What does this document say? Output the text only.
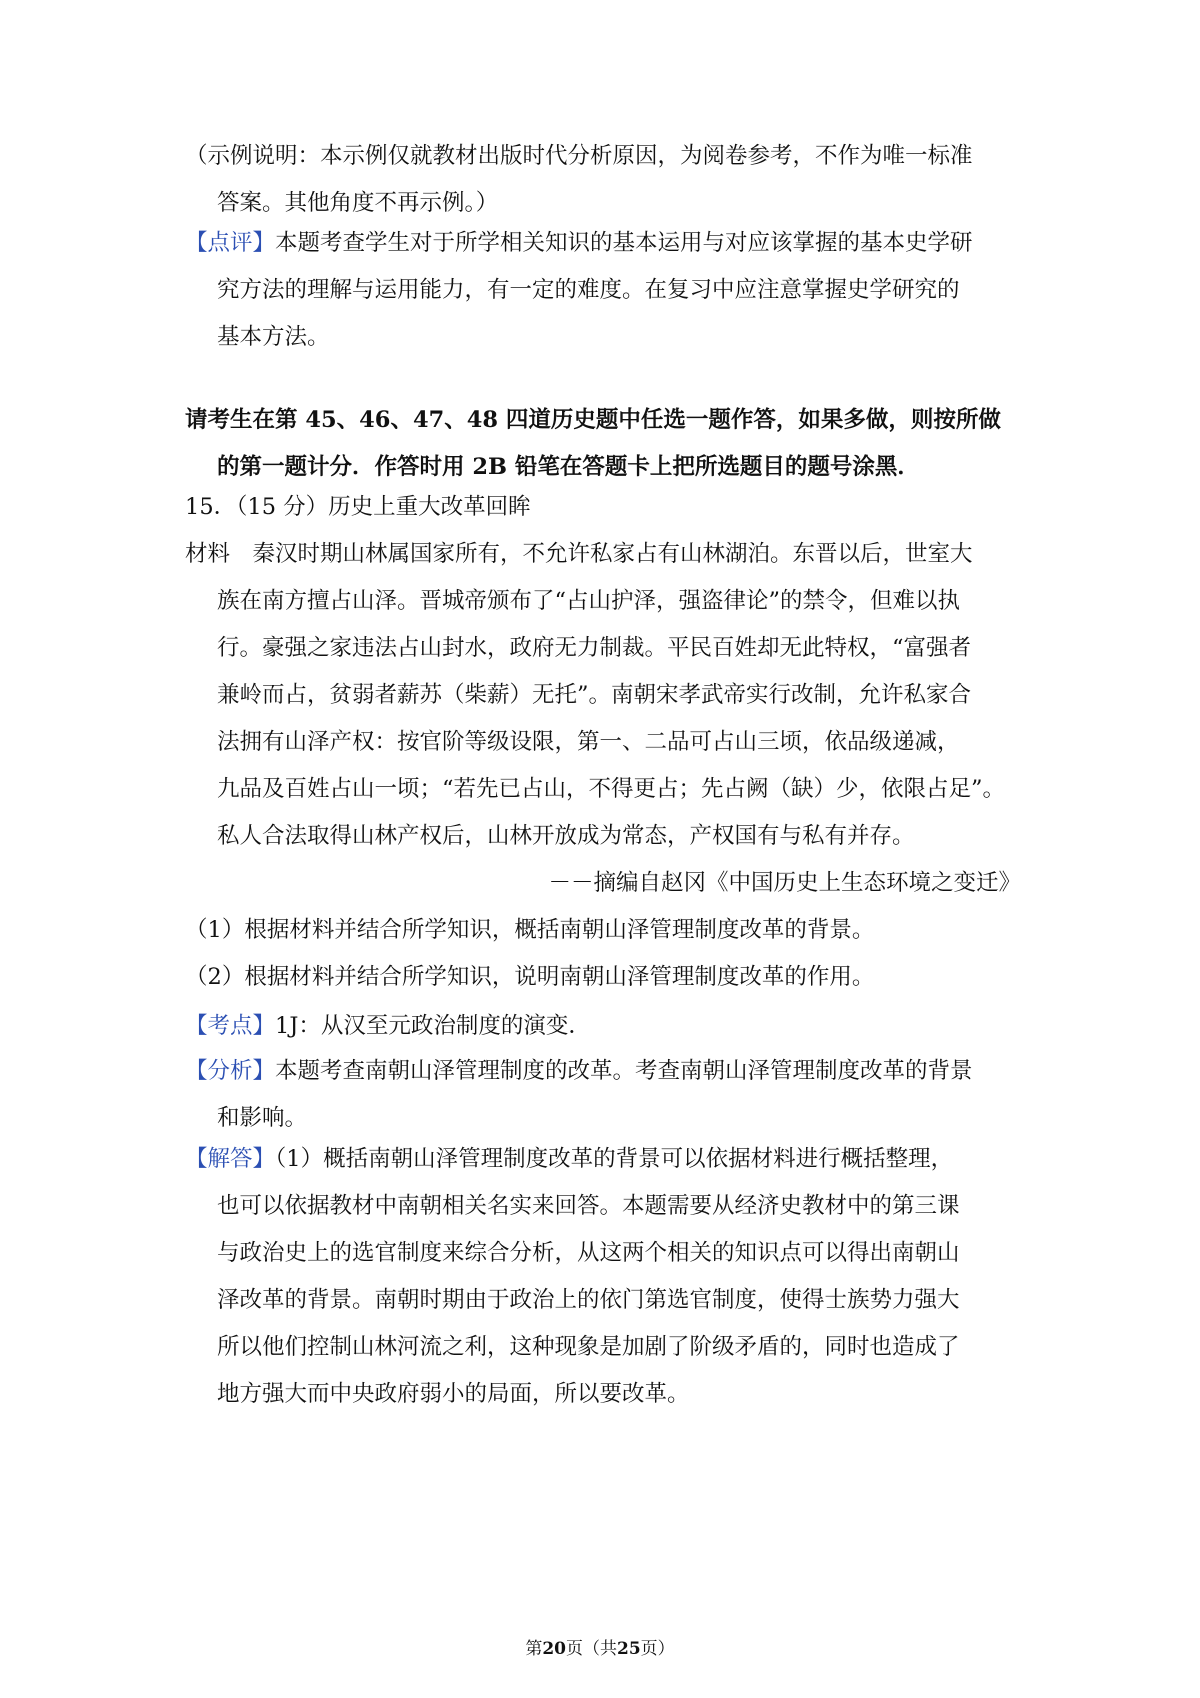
（示例说明：本示例仅就教材出版时代分析原因，为阅卷参考，不作为唯一标准
答案。其他角度不再示例。）
【点评】本题考查学生对于所学相关知识的基本运用与对应该掌握的基本史学研
究方法的理解与运用能力，有一定的难度。在复习中应注意掌握史学研究的
基本方法。
请考生在第 45、46、47、48 四道历史题中任选一题作答，如果多做，则按所做
的第一题计分．作答时用 2B 铅笔在答题卡上把所选题目的题号涂黑．
15．（15 分）历史上重大改革回眸
材料　秦汉时期山林属国家所有，不允许私家占有山林湖泊。东晋以后，世室大
族在南方擅占山泽。晋城帝颁布了“占山护泽，强盗律论”的禁令，但难以执
行。豪强之家违法占山封水，政府无力制裁。平民百姓却无此特权，“富强者
兼岭而占，贫弱者薪苏（柴薪）无托”。南朝宋孝武帝实行改制，允许私家合
法拥有山泽产权：按官阶等级设限，第一、二品可占山三顷，依品级递减，
九品及百姓占山一顷；“若先已占山，不得更占；先占阙（缺）少，依限占足”。
私人合法取得山林产权后，山林开放成为常态，产权国有与私有并存。
－－摘编自赵冈《中国历史上生态环境之变迁》
（1）根据材料并结合所学知识，概括南朝山泽管理制度改革的背景。
（2）根据材料并结合所学知识，说明南朝山泽管理制度改革的作用。
【考点】1J：从汉至元政治制度的演变．
【分析】本题考查南朝山泽管理制度的改革。考查南朝山泽管理制度改革的背景
和影响。
【解答】（1）概括南朝山泽管理制度改革的背景可以依据材料进行概括整理，
也可以依据教材中南朝相关名实来回答。本题需要从经济史教材中的第三课
与政治史上的选官制度来综合分析，从这两个相关的知识点可以得出南朝山
泽改革的背景。南朝时期由于政治上的依门第选官制度，使得士族势力强大
所以他们控制山林河流之利，这种现象是加剧了阶级矛盾的，同时也造成了
地方强大而中央政府弱小的局面，所以要改革。
第20页（共25页）
